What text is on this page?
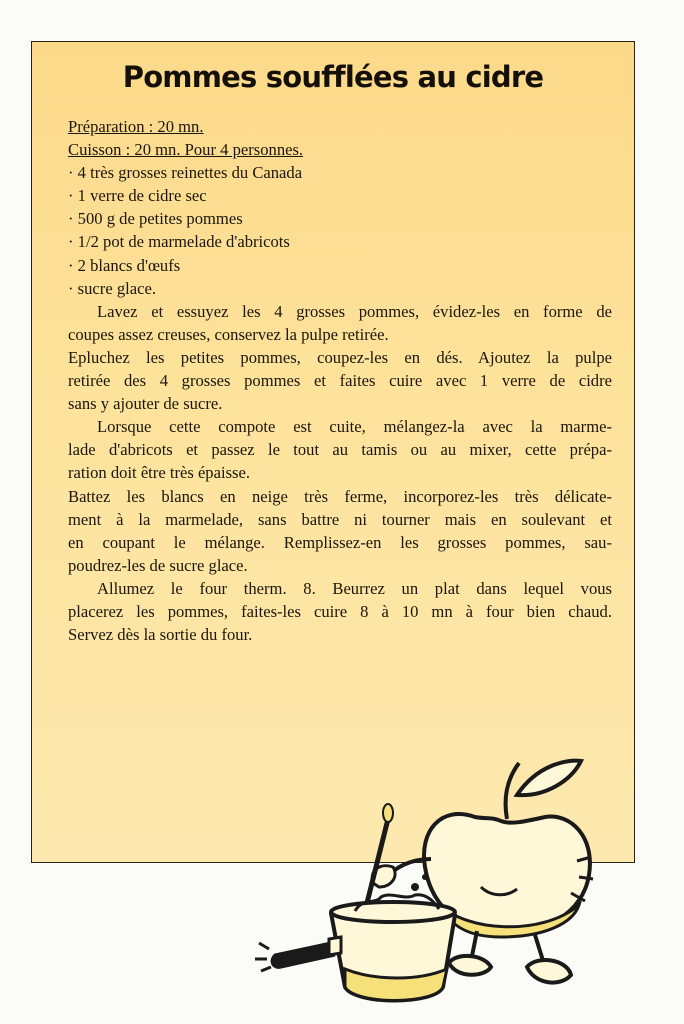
Pommes soufflées au cidre
Préparation : 20 mn.
Cuisson : 20 mn. Pour 4 personnes.
· 4 très grosses reinettes du Canada
· 1 verre de cidre sec
· 500 g de petites pommes
· 1/2 pot de marmelade d'abricots
· 2 blancs d'œufs
· sucre glace.
Lavez et essuyez les 4 grosses pommes, évidez-les en forme de
coupes assez creuses, conservez la pulpe retirée.
Epluchez les petites pommes, coupez-les en dés. Ajoutez la pulpe
retirée des 4 grosses pommes et faites cuire avec 1 verre de cidre
sans y ajouter de sucre.
Lorsque cette compote est cuite, mélangez-la avec la marme-
lade d'abricots et passez le tout au tamis ou au mixer, cette prépa-
ration doit être très épaisse.
Battez les blancs en neige très ferme, incorporez-les très délicate-
ment à la marmelade, sans battre ni tourner mais en soulevant et
en coupant le mélange. Remplissez-en les grosses pommes, sau-
poudrez-les de sucre glace.
Allumez le four therm. 8. Beurrez un plat dans lequel vous
placerez les pommes, faites-les cuire 8 à 10 mn à four bien chaud.
Servez dès la sortie du four.
